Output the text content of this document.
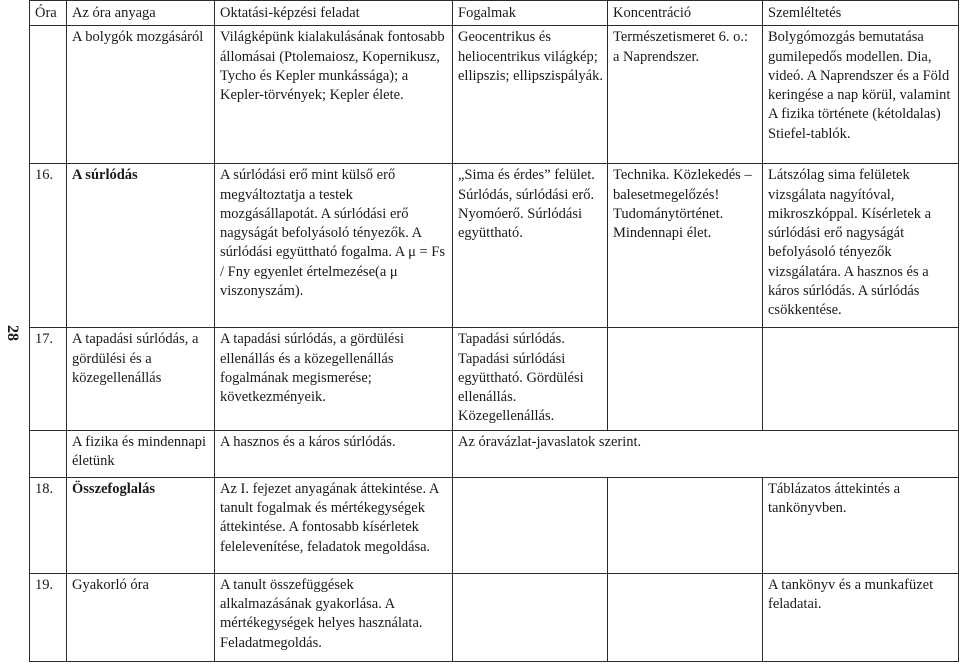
28
Óra	Az óra anyaga	Oktatási-képzési feladat	Fogalmak	Koncentráció	Szemléltetés
	A bolygók mozgásáról	Világképünk kialakulásának fontosabb állomásai (Ptolemaiosz, Kopernikusz, Tycho és Kepler munkássága); a Kepler-törvények; Kepler élete.	Geocentrikus és heliocentrikus világkép; ellipszis; ellipszispályák.	Természetismeret 6. o.: a Naprendszer.	Bolygómozgás bemutatása gumilepedős modellen. Dia, videó. A Naprendszer és a Föld keringése a nap körül, valamint A fizika története (kétoldalas) Stiefel-tablók.
16.	A súrlódás	A súrlódási erő mint külső erő megváltoztatja a testek mozgásállapotát. A súrlódási erő nagyságát befolyásoló tényezők. A súrlódási együttható fogalma. A μ = Fs / Fny egyenlet értelmezése(a μ viszonyszám).	„Sima és érdes” felület. Súrlódás, súrlódási erő. Nyomóerő. Súrlódási együttható.	Technika. Közlekedés – balesetmegelőzés! Tudománytörténet. Mindennapi élet.	Látszólag sima felületek vizsgálata nagyítóval, mikroszkóppal. Kísérletek a súrlódási erő nagyságát befolyásoló tényezők vizsgálatára. A hasznos és a káros súrlódás. A súrlódás csökkentése.
17.	A tapadási súrlódás, a gördülési és a közegellenállás	A tapadási súrlódás, a gördülési ellenállás és a közegellenállás fogalmának megismerése; következményeik.	Tapadási súrlódás. Tapadási súrlódási együttható. Gördülési ellenállás. Közegellenállás.		
	A fizika és mindennapi életünk	A hasznos és a káros súrlódás.	Az óravázlat-javaslatok szerint.		
18.	Összefoglalás	Az I. fejezet anyagának áttekintése. A tanult fogalmak és mértékegységek áttekintése. A fontosabb kísérletek felelevenítése, feladatok megoldása.			Táblázatos áttekintés a tankönyvben.
19.	Gyakorló óra	A tanult összefüggések alkalmazásának gyakorlása. A mértékegységek helyes használata. Feladatmegoldás.			A tankönyv és a munkafüzet feladatai.
